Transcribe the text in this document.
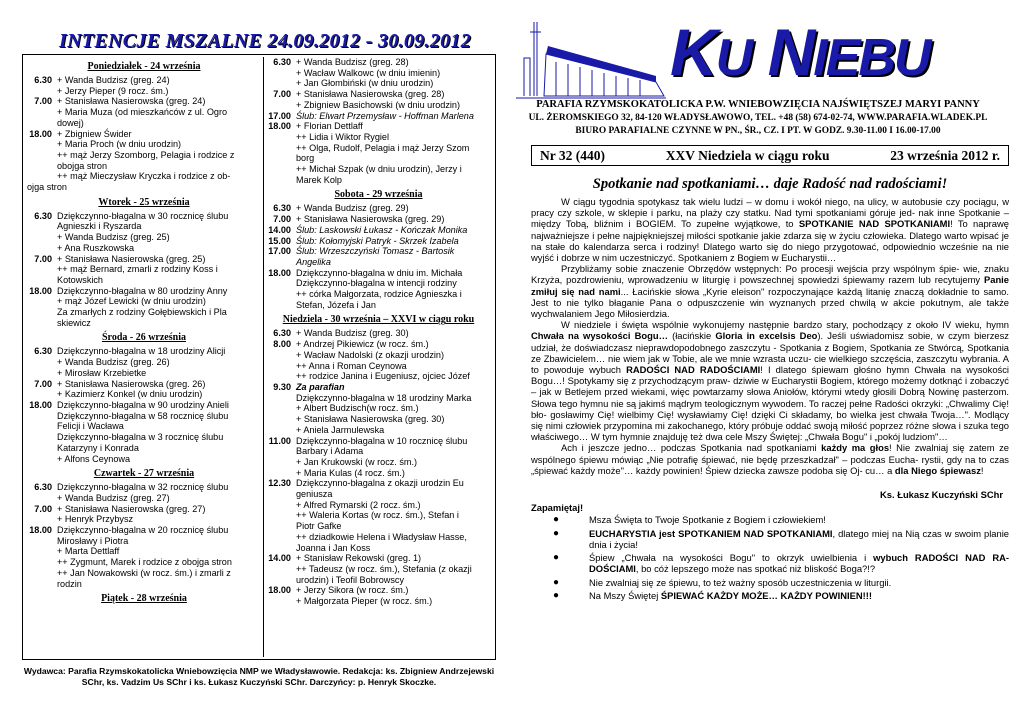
INTENCJE MSZALNE 24.09.2012 - 30.09.2012
Poniedziałek - 24 września
6.30 + Wanda Budzisz (greg. 24)
+ Jerzy Pieper (9 rocz. śm.)
7.00 + Stanisława Nasierowska (greg. 24)
+ Maria Muza (od mieszkańców z ul. Ogro
dowej)
18.00 + Zbigniew Świder
+ Maria Proch (w dniu urodzin)
++ mąż Jerzy Szomborg, Pelagia i rodzice z
obojga stron
++ mąż Mieczysław Kryczka i rodzice z ob-
ojga stron
Wtorek - 25 września
6.30 Dziękczynno-błagalna w 30 rocznicę ślubu
Agnieszki i Ryszarda
+ Wanda Budzisz (greg. 25)
+ Ana Ruszkowska
7.00 + Stanisława Nasierowska (greg. 25)
++ mąż Bernard, zmarli z rodziny Koss i
Kotowskich
18.00 Dziękczynno-błagalna w 80 urodziny Anny
+ mąż Józef Lewicki (w dniu urodzin)
Za zmarłych z rodziny Gołębiewskich i Pla
skiewicz
Środa - 26 września
6.30 Dziękczynno-błagalna w 18 urodziny Alicji
+ Wanda Budzisz (greg. 26)
+ Mirosław Krzebietke
7.00 + Stanisława Nasierowska (greg. 26)
+ Kazimierz Konkel (w dniu urodzin)
18.00 Dziękczynno-błagalna w 90 urodziny Anieli
Dziękczynno-błagalna w 58 rocznicę ślubu
Felicji i Wacława
Dziękczynno-błagalna w 3 rocznicę ślubu
Katarzyny i Konrada
+ Alfons Ceynowa
Czwartek - 27 września
6.30 Dziękczynno-błagalna w 32 rocznicę ślubu
+ Wanda Budzisz (greg. 27)
7.00 + Stanisława Nasierowska (greg. 27)
+ Henryk Przybysz
18.00 Dziękczynno-błagalna w 20 rocznicę ślubu
Mirosławy i Piotra
+ Marta Dettlaff
++ Zygmunt, Marek i rodzice z obojga stron
++ Jan Nowakowski (w rocz. śm.) i zmarli z
rodzin
Piątek - 28 września
6.30 + Wanda Budzisz (greg. 28)
+ Wacław Walkowc (w dniu imienin)
+ Jan Głombiński (w dniu urodzin)
7.00 + Stanisława Nasierowska (greg. 28)
+ Zbigniew Basichowski (w dniu urodzin)
17.00 Ślub: Elwart Przemysław - Hoffman Marlena
18.00 + Florian Dettlaff
++ Lidia i Wiktor Rygiel
++ Olga, Rudolf, Pelagia i mąż Jerzy Szom
borg
++ Michał Szpak (w dniu urodzin), Jerzy i
Marek Kolp
Sobota - 29 września
6.30 + Wanda Budzisz (greg. 29)
7.00 + Stanisława Nasierowska (greg. 29)
14.00 Ślub: Laskowski Łukasz - Kończak Monika
15.00 Ślub: Kołomyjski Patryk - Skrzek Izabela
17.00 Ślub: Wrzeszczyński Tomasz - Bartosik
Angelika
18.00 Dziękczynno-błagalna w dniu im. Michała
Dziękczynno-błagalna w intencji rodziny
++ córka Małgorzata, rodzice Agnieszka i
Stefan, Józefa i Jan
Niedziela - 30 września – XXVI w ciągu roku
6.30 + Wanda Budzisz (greg. 30)
8.00 + Andrzej Pikiewicz (w rocz. śm.)
+ Wacław Nadolski (z okazji urodzin)
++ Anna i Roman Ceynowa
++ rodzice Janina i Eugeniusz, ojciec Józef
9.30 Za parafian
Dziękczynno-błagalna w 18 urodziny Marka
+ Albert Budzisch(w rocz. śm.)
+ Stanisława Nasierowska (greg. 30)
+ Aniela Jarmulewska
11.00 Dziękczynno-błagalna w 10 rocznicę ślubu
Barbary i Adama
+ Jan Krukowski (w rocz. śm.)
+ Maria Kulas (4 rocz. śm.)
12.30 Dziękczynno-błagalna z okazji urodzin Eu
geniusza
+ Alfred Rymarski (2 rocz. śm.)
++ Waleria Kortas (w rocz. śm.), Stefan i
Piotr Gafke
++ dziadkowie Helena i Władysław Hasse,
Joanna i Jan Koss
14.00 + Stanisław Rekowski (greg. 1)
++ Tadeusz (w rocz. śm.), Stefania (z okazji
urodzin) i Teofil Bobrowscy
18.00 + Jerzy Sikora (w rocz. śm.)
+ Małgorzata Pieper (w rocz. śm.)
Wydawca: Parafia Rzymskokatolicka Wniebowzięcia NMP we Władysławowie. Redakcja: ks. Zbigniew Andrzejewski
SChr, ks. Vadzim Us SChr i ks. Łukasz Kuczyński SChr. Darczyńcy: p. Henryk Skoczke.
KU NIEBU
PARAFIA RZYMSKOKATOLICKA P.W. WNIEBOWZIĘCIA NAJŚWIĘTSZEJ MARYI PANNY
UL. ŻEROMSKIEGO 32, 84-120 WŁADYSŁAWOWO, TEL. +48 (58) 674-02-74, WWW.PARAFIA.WLADEK.PL
BIURO PARAFIALNE CZYNNE W PN., ŚR., CZ. I PT. W GODZ. 9.30-11.00 I 16.00-17.00
Nr 32 (440)	XXV Niedziela w ciągu roku	23 września 2012 r.
Spotkanie nad spotkaniami… daje Radość nad radościami!

W ciągu tygodnia spotykasz tak wielu ludzi – w domu i wokół niego, na ulicy, w autobusie czy pociągu, w pracy czy szkole, w sklepie i parku, na plaży czy statku. Nad tymi spotkaniami góruje jed- nak inne Spotkanie – między Tobą, bliźnim i BOGIEM. To zupełne wyjątkowe, to SPOTKANIE NAD SPOTKANIAMI! To naprawę najważniejsze i pełne najpiękniejszej miłości spotkanie jakie zdarza się w życiu człowieka. Dlatego warto wpisać je na stałe do kalendarza serca i rodziny! Dlatego warto się do niego przygotować, odpowiednio wcześnie na nie wyjść i dobrze w nim uczestniczyć. Spotkaniem z Bogiem w Eucharystii…

Przybliżamy sobie znaczenie Obrzędów wstępnych: Po procesji wejścia przy wspólnym śpie- wie, znaku Krzyża, pozdrowieniu, wprowadzeniu w liturgię i powszechnej spowiedzi śpiewamy razem lub recytujemy Panie zmiłuj się nad nami... Łacińskie słowa „Kyrie eleison" rozpoczynające każdą litanię znaczą dokładnie to samo. Jest to nie tylko błaganie Pana o odpuszczenie win wyznanych przed chwilą w akcie pokutnym, ale także wychwalaniem Jego Miłosierdzia.

W niedziele i święta wspólnie wykonujemy następnie bardzo stary, pochodzący z około IV wieku, hymn Chwała na wysokości Bogu… (łacińskie Gloria in excelsis Deo). Jeśli uświadomisz sobie, w czym bierzesz udział, że doświadczasz nieprawdopodobnego zaszczytu - Spotkania z Bogiem, Spotkania ze Stwórcą, Spotkania ze Zbawicielem… nie wiem jak w Tobie, ale we mnie wzrasta uczu- cie wielkiego szczęścia, zaszczytu wybrania. A to powoduje wybuch RADOŚCI NAD RADOŚCIAMI! I dlatego śpiewam głośno hymn Chwała na wysokości Bogu…! Spotykamy się z przychodzącym praw- dziwie w Eucharystii Bogiem, którego możemy dotknąć i zobaczyć – jak w Betlejem przed wiekami, więc powtarzamy słowa Aniołów, którymi wtedy głosili Dobrą Nowinę pasterzom. Słowa tego hymnu nie są jakimś mądrym teologicznym wywodem. To raczej pełne Radości okrzyki: „Chwalimy Cię! bło- gosławimy Cię! wielbimy Cię! wysławiamy Cię! dzięki Ci składamy, bo wielka jest chwała Twoja…". Modlący się nimi człowiek przypomina mi zakochanego, który próbuje oddać swoją miłość poprzez różne słowa i szuka tego właściwego… W tym hymnie znajduję też dwa cele Mszy Świętej: „Chwała Bogu" i „pokój ludziom"…

Ach i jeszcze jedno… podczas Spotkania nad spotkaniami każdy ma głos! Nie zwalniaj się zatem ze wspólnego śpiewu mówiąc „Nie potrafię śpiewać, nie będę przeszkadzał" – podczas Eucha- rystii, gdy na to czas „śpiewać każdy może"… każdy powinien! Śpiew dziecka zawsze podoba się Oj- cu… a dla Niego śpiewasz!

Ks. Łukasz Kuczyński SChr

Zapamiętaj!

●	Msza Święta to Twoje Spotkanie z Bogiem i człowiekiem!
●	EUCHARYSTIA jest SPOTKANIEM NAD SPOTKANIAMI, dlatego miej na Nią czas w swoim planie dnia i życia!
●	Śpiew „Chwała na wysokości Bogu" to okrzyk uwielbienia i wybuch RADOŚCI NAD RA- DOŚCIAMI, bo cóż lepszego może nas spotkać niż bliskość Boga?!?
●	Nie zwalniaj się ze śpiewu, to też ważny sposób uczestniczenia w liturgii.
●	Na Mszy Świętej ŚPIEWAĆ KAŻDY MOŻE… KAŻDY POWINIEN!!!
